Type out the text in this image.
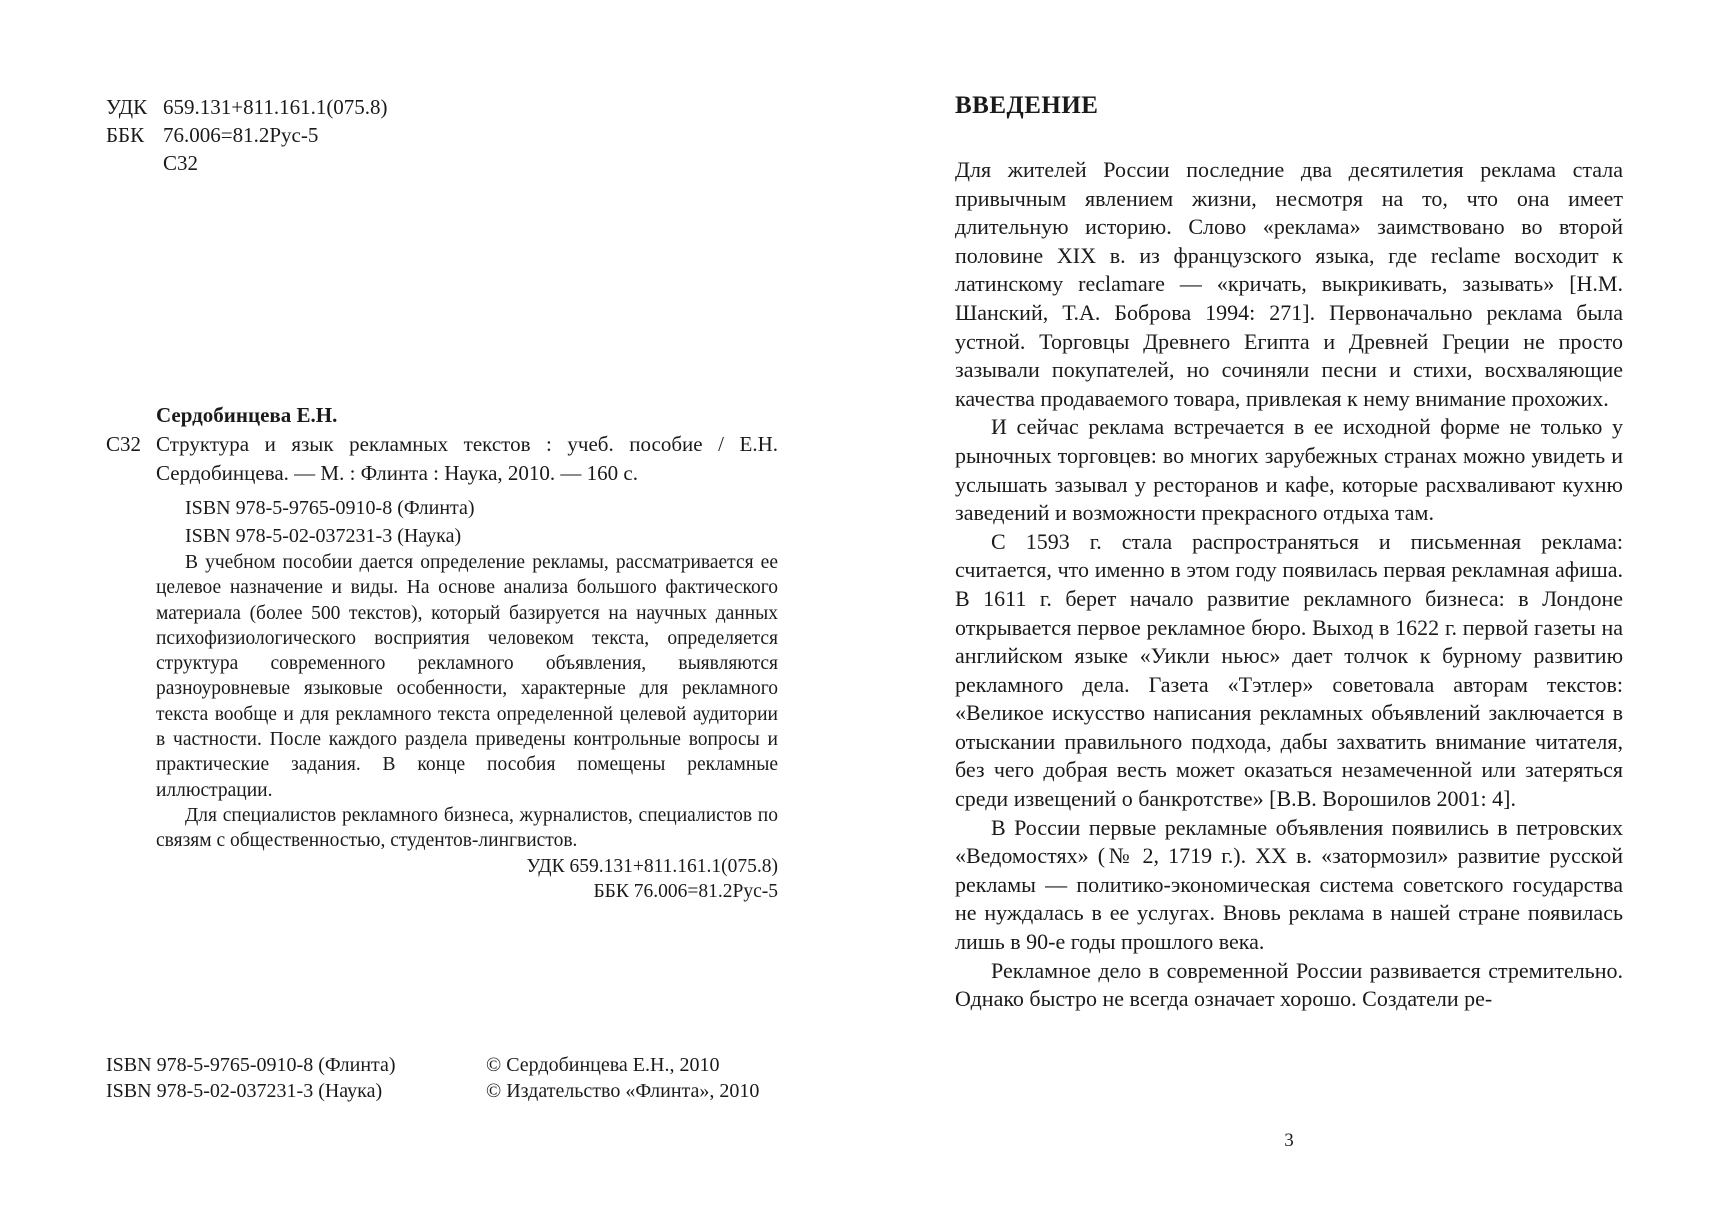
УДК 659.131+811.161.1(075.8)
ББК 76.006=81.2Рус-5
С32
Сердобинцева Е.Н.
С32 Структура и язык рекламных текстов : учеб. пособие / Е.Н. Сердобинцева. — М. : Флинта : Наука, 2010. — 160 с.

ISBN 978-5-9765-0910-8 (Флинта)
ISBN 978-5-02-037231-3 (Наука)

В учебном пособии дается определение рекламы, рассматривается ее целевое назначение и виды. На основе анализа большого фактического материала (более 500 текстов), который базируется на научных данных психофизиологического восприятия человеком текста, определяется структура современного рекламного объявления, выявляются разноуровневые языковые особенности, характерные для рекламного текста вообще и для рекламного текста определенной целевой аудитории в частности. После каждого раздела приведены контрольные вопросы и практические задания. В конце пособия помещены рекламные иллюстрации.

Для специалистов рекламного бизнеса, журналистов, специалистов по связям с общественностью, студентов-лингвистов.

УДК 659.131+811.161.1(075.8)
ББК 76.006=81.2Рус-5
ISBN 978-5-9765-0910-8 (Флинта)
ISBN 978-5-02-037231-3 (Наука)
© Сердобинцева Е.Н., 2010
© Издательство «Флинта», 2010
ВВЕДЕНИЕ

Для жителей России последние два десятилетия реклама стала привычным явлением жизни, несмотря на то, что она имеет длительную историю. Слово «реклама» заимствовано во второй половине XIX в. из французского языка, где reclame восходит к латинскому reclamare — «кричать, выкрикивать, зазывать» [Н.М. Шанский, Т.А. Боброва 1994: 271]. Первоначально реклама была устной. Торговцы Древнего Египта и Древней Греции не просто зазывали покупателей, но сочиняли песни и стихи, восхваляющие качества продаваемого товара, привлекая к нему внимание прохожих.

И сейчас реклама встречается в ее исходной форме не только у рыночных торговцев: во многих зарубежных странах можно увидеть и услышать зазывал у ресторанов и кафе, которые расхваливают кухню заведений и возможности прекрасного отдыха там.

С 1593 г. стала распространяться и письменная реклама: считается, что именно в этом году появилась первая рекламная афиша. В 1611 г. берет начало развитие рекламного бизнеса: в Лондоне открывается первое рекламное бюро. Выход в 1622 г. первой газеты на английском языке «Уикли ньюс» дает толчок к бурному развитию рекламного дела. Газета «Тэтлер» советовала авторам текстов: «Великое искусство написания рекламных объявлений заключается в отыскании правильного подхода, дабы захватить внимание читателя, без чего добрая весть может оказаться незамеченной или затеряться среди извещений о банкротстве» [В.В. Ворошилов 2001: 4].

В России первые рекламные объявления появились в петровских «Ведомостях» (№ 2, 1719 г.). XX в. «затормозил» развитие русской рекламы — политико-экономическая система советского государства не нуждалась в ее услугах. Вновь реклама в нашей стране появилась лишь в 90-е годы прошлого века.

Рекламное дело в современной России развивается стремительно. Однако быстро не всегда означает хорошо. Создатели ре-

3
